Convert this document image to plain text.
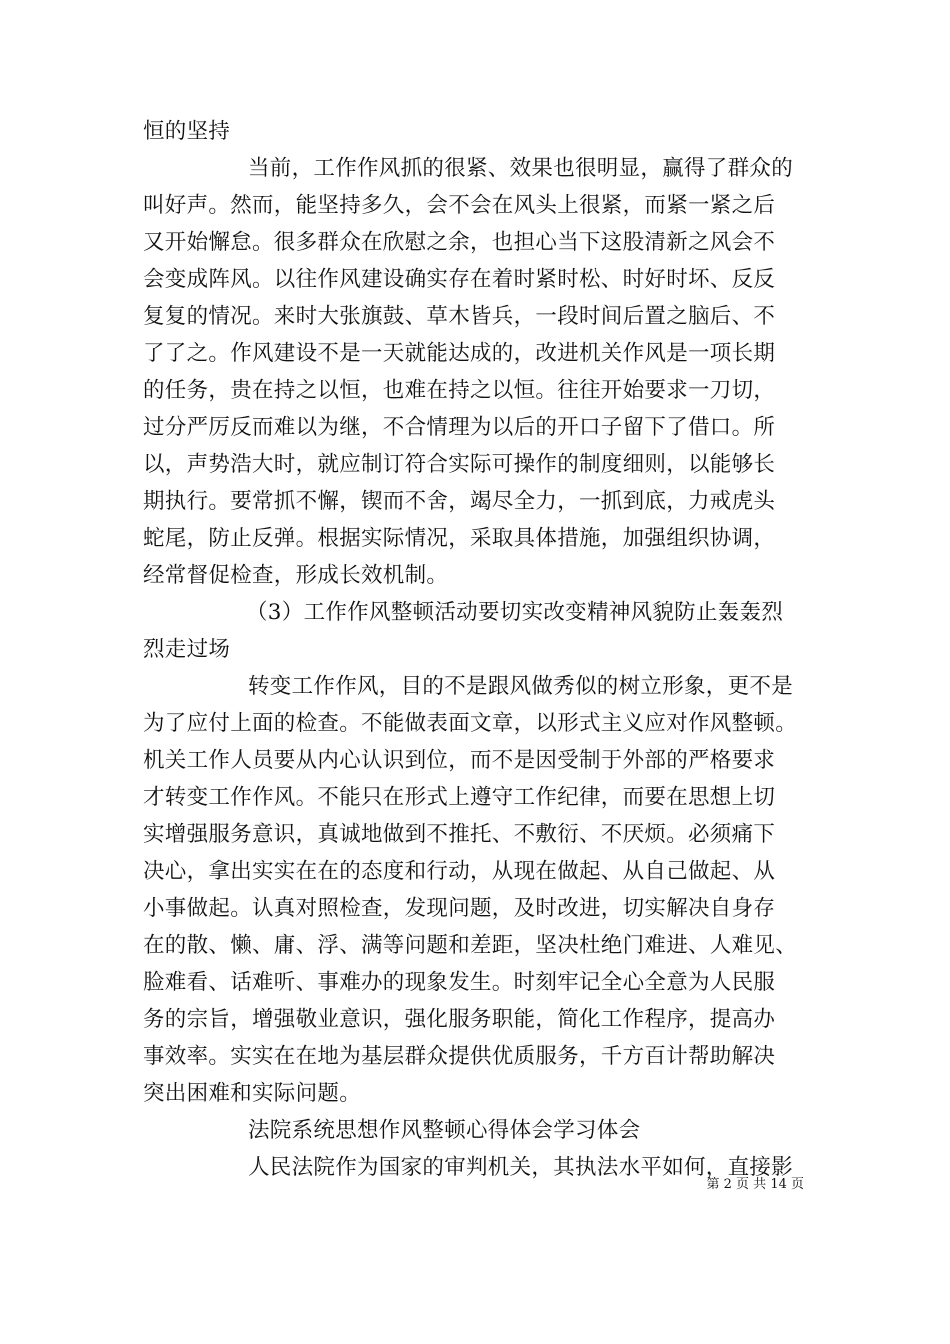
恒的坚持
当前，工作作风抓的很紧、效果也很明显，赢得了群众的
叫好声。然而，能坚持多久，会不会在风头上很紧，而紧一紧之后
又开始懈怠。很多群众在欣慰之余，也担心当下这股清新之风会不
会变成阵风。以往作风建设确实存在着时紧时松、时好时坏、反反
复复的情况。来时大张旗鼓、草木皆兵，一段时间后置之脑后、不
了了之。作风建设不是一天就能达成的，改进机关作风是一项长期
的任务，贵在持之以恒，也难在持之以恒。往往开始要求一刀切，
过分严厉反而难以为继，不合情理为以后的开口子留下了借口。所
以，声势浩大时，就应制订符合实际可操作的制度细则，以能够长
期执行。要常抓不懈，锲而不舍，竭尽全力，一抓到底，力戒虎头
蛇尾，防止反弹。根据实际情况，采取具体措施，加强组织协调，
经常督促检查，形成长效机制。
（3）工作作风整顿活动要切实改变精神风貌防止轰轰烈
烈走过场
转变工作作风，目的不是跟风做秀似的树立形象，更不是
为了应付上面的检查。不能做表面文章，以形式主义应对作风整顿。
机关工作人员要从内心认识到位，而不是因受制于外部的严格要求
才转变工作作风。不能只在形式上遵守工作纪律，而要在思想上切
实增强服务意识，真诚地做到不推托、不敷衍、不厌烦。必须痛下
决心，拿出实实在在的态度和行动，从现在做起、从自己做起、从
小事做起。认真对照检查，发现问题，及时改进，切实解决自身存
在的散、懒、庸、浮、满等问题和差距，坚决杜绝门难进、人难见、
脸难看、话难听、事难办的现象发生。时刻牢记全心全意为人民服
务的宗旨，增强敬业意识，强化服务职能，简化工作程序，提高办
事效率。实实在在地为基层群众提供优质服务，千方百计帮助解决
突出困难和实际问题。
法院系统思想作风整顿心得体会学习体会
人民法院作为国家的审判机关，其执法水平如何，直接影
第 2 页 共 14 页
